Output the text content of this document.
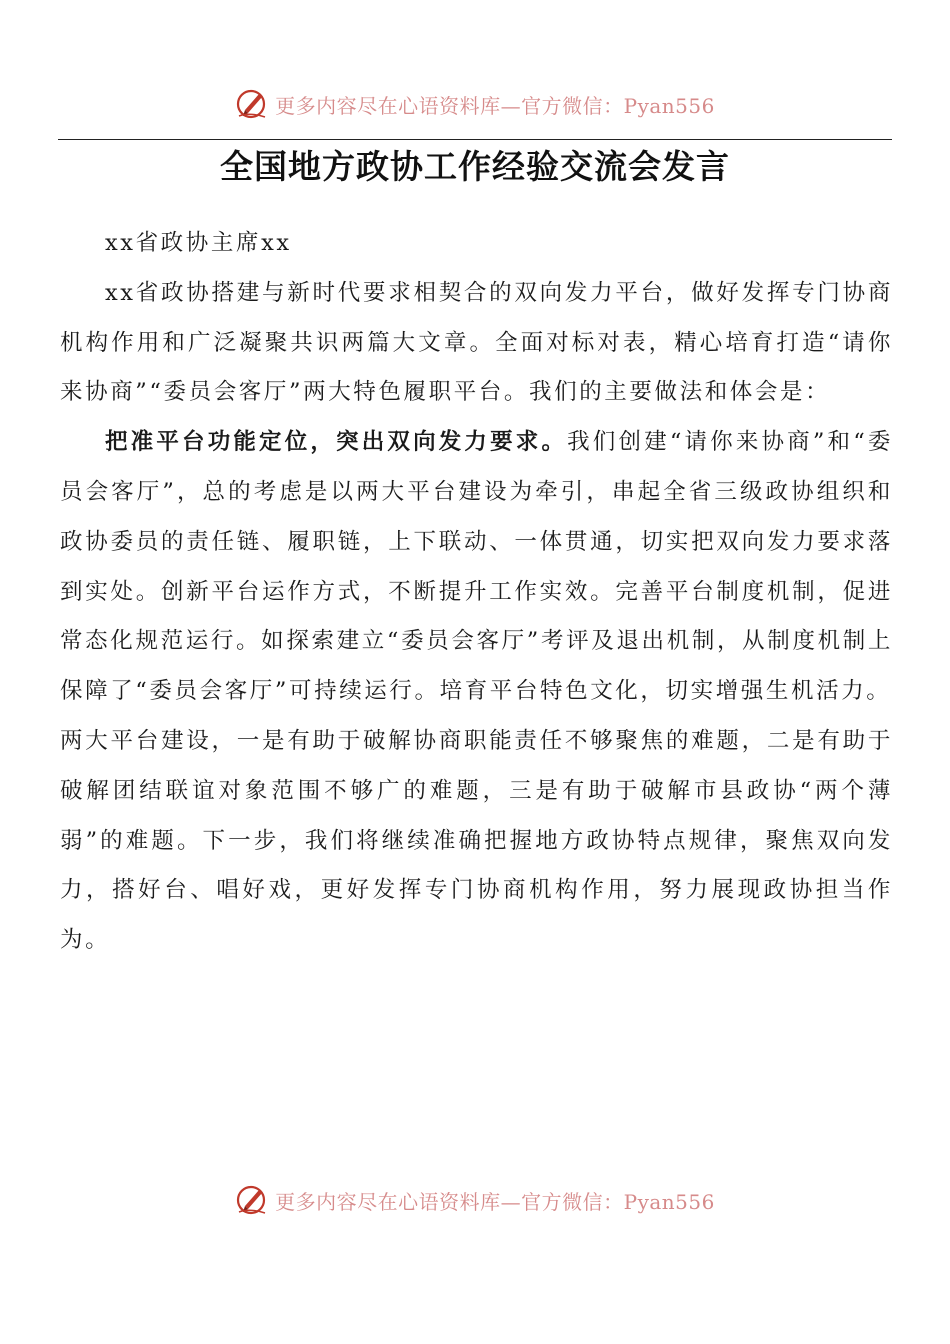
更多内容尽在心语资料库—官方微信：Pyan556
全国地方政协工作经验交流会发言

xx省政协主席xx

xx省政协搭建与新时代要求相契合的双向发力平台，做好发挥专门协商机构作用和广泛凝聚共识两篇大文章。全面对标对表，精心培育打造“请你来协商”“委员会客厅”两大特色履职平台。我们的主要做法和体会是：

把准平台功能定位，突出双向发力要求。我们创建“请你来协商”和“委员会客厅”，总的考虑是以两大平台建设为牵引，串起全省三级政协组织和政协委员的责任链、履职链，上下联动、一体贯通，切实把双向发力要求落到实处。创新平台运作方式，不断提升工作实效。完善平台制度机制，促进常态化规范运行。如探索建立“委员会客厅”考评及退出机制，从制度机制上保障了“委员会客厅”可持续运行。培育平台特色文化，切实增强生机活力。

两大平台建设，一是有助于破解协商职能责任不够聚焦的难题，二是有助于破解团结联谊对象范围不够广的难题，三是有助于破解市县政协“两个薄弱”的难题。下一步，我们将继续准确把握地方政协特点规律，聚焦双向发力，搭好台、唱好戏，更好发挥专门协商机构作用，努力展现政协担当作为。

更多内容尽在心语资料库—官方微信：Pyan556
